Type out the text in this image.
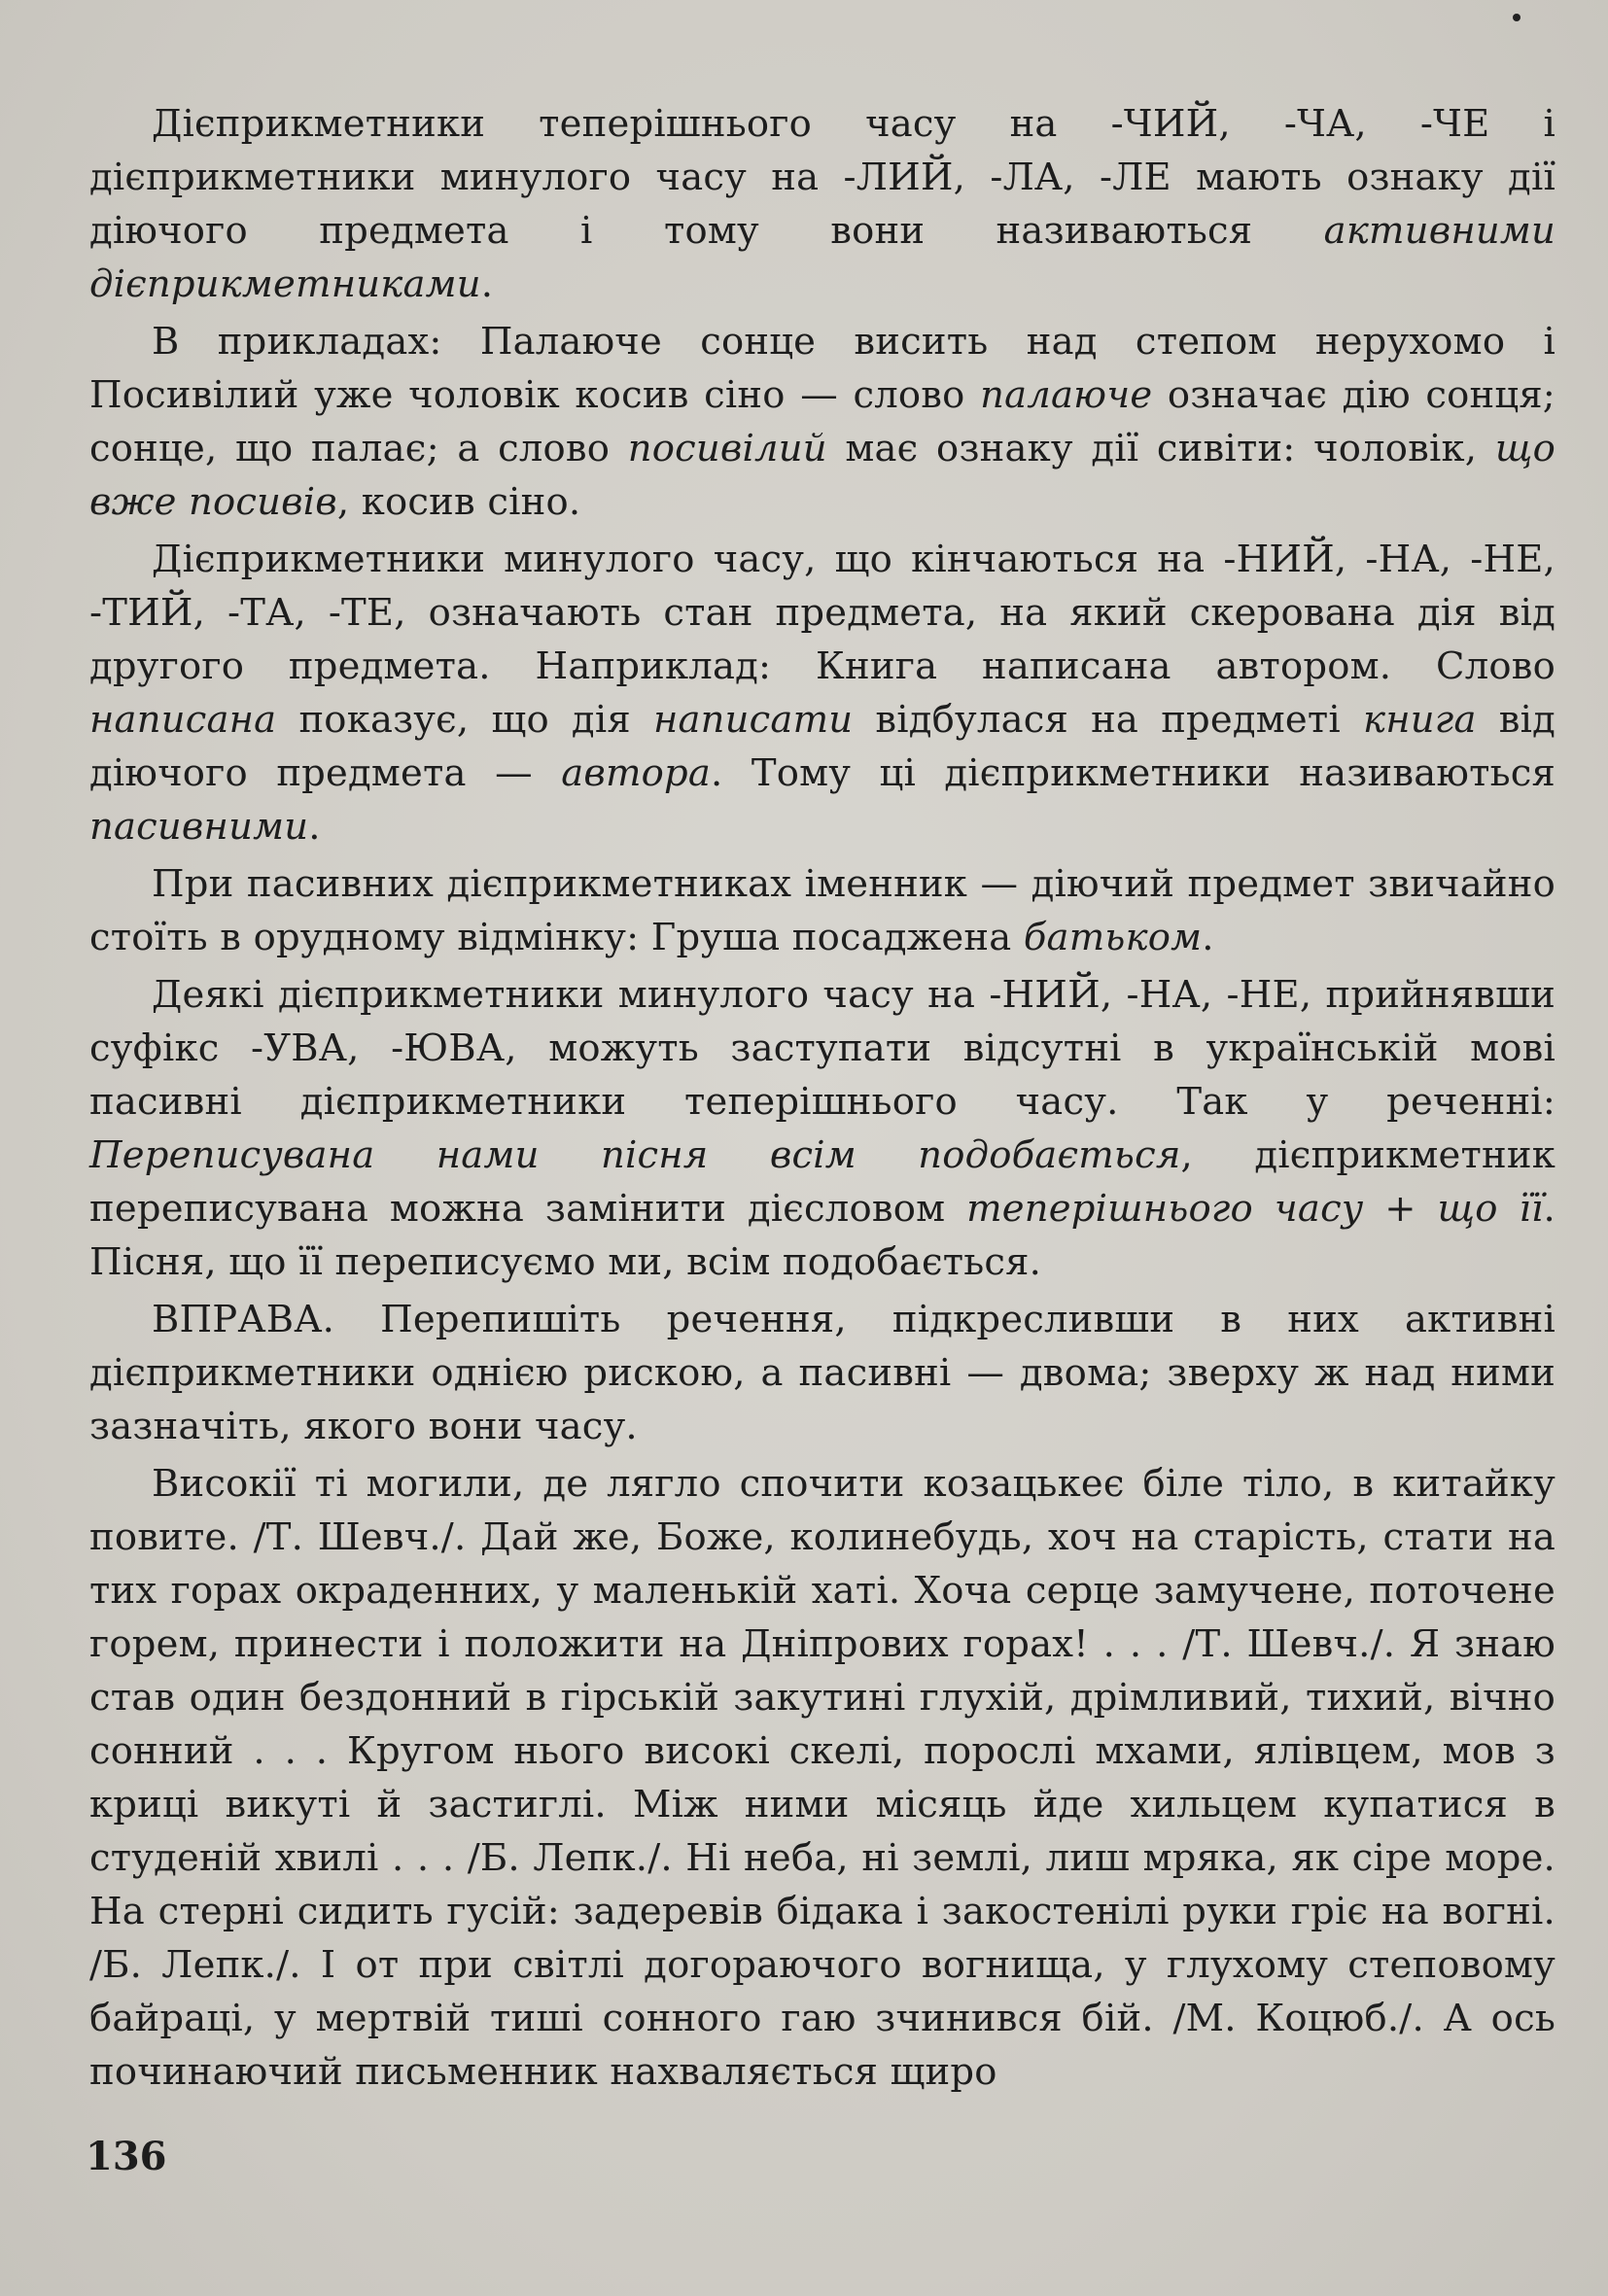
Дієприкметники теперішнього часу на -ЧИЙ, -ЧА, -ЧЕ і дієприкметники минулого часу на -ЛИЙ, -ЛА, -ЛЕ мають ознаку дії діючого предмета і тому вони називаються активними дієприкметниками.

В прикладах: Палаюче сонце висить над степом нерухомо і Посивілий уже чоловік косив сіно — слово палаюче означає дію сонця; сонце, що палає; а слово посивілий має ознаку дії сивіти: чоловік, що вже посивів, косив сіно.

Дієприкметники минулого часу, що кінчаються на -НИЙ, -НА, -НЕ, -ТИЙ, -ТА, -ТЕ, означають стан предмета, на який скерована дія від другого предмета. Наприклад: Книга написана автором. Слово написана показує, що дія написати відбулася на предметі книга від діючого предмета — автора. Тому ці дієприкметники називаються пасивними.

При пасивних дієприкметниках іменник — діючий предмет звичайно стоїть в орудному відмінку: Груша посаджена батьком.

Деякі дієприкметники минулого часу на -НИЙ, -НА, -НЕ, прийнявши суфікс -УВА, -ЮВА, можуть заступати відсутні в українській мові пасивні дієприкметники теперішнього часу. Так у реченні: Переписувана нами пісня всім подобається, дієприкметник переписувана можна замінити дієсловом теперішнього часу + що її. Пісня, що її переписуємо ми, всім подобається.

ВПРАВА. Перепишіть речення, підкресливши в них активні дієприкметники однією рискою, а пасивні — двома; зверху ж над ними зазначіть, якого вони часу.

Високії ті могили, де лягло спочити козацькеє біле тіло, в китайку повите. /Т. Шевч./. Дай же, Боже, колинебудь, хоч на старість, стати на тих горах окраденних, у маленькій хаті. Хоча серце замучене, поточене горем, принести і положити на Дніпрових горах! . . . /Т. Шевч./. Я знаю став один бездонний в гірській закутині глухій, дрімливий, тихий, вічно сонний . . . Кругом нього високі скелі, порослі мхами, ялівцем, мов з криці викуті й застиглі. Між ними місяць йде хильцем купатися в студеній хвилі . . . /Б. Лепк./. Ні неба, ні землі, лиш мряка, як сіре море. На стерні сидить гусій: задеревів бідака і закостенілі руки гріє на вогні. /Б. Лепк./. І от при світлі догораючого вогнища, у глухому степовому байраці, у мертвій тиші сонного гаю зчинився бій. /М. Коцюб./. А ось починаючий письменник нахваляється щиро

136
